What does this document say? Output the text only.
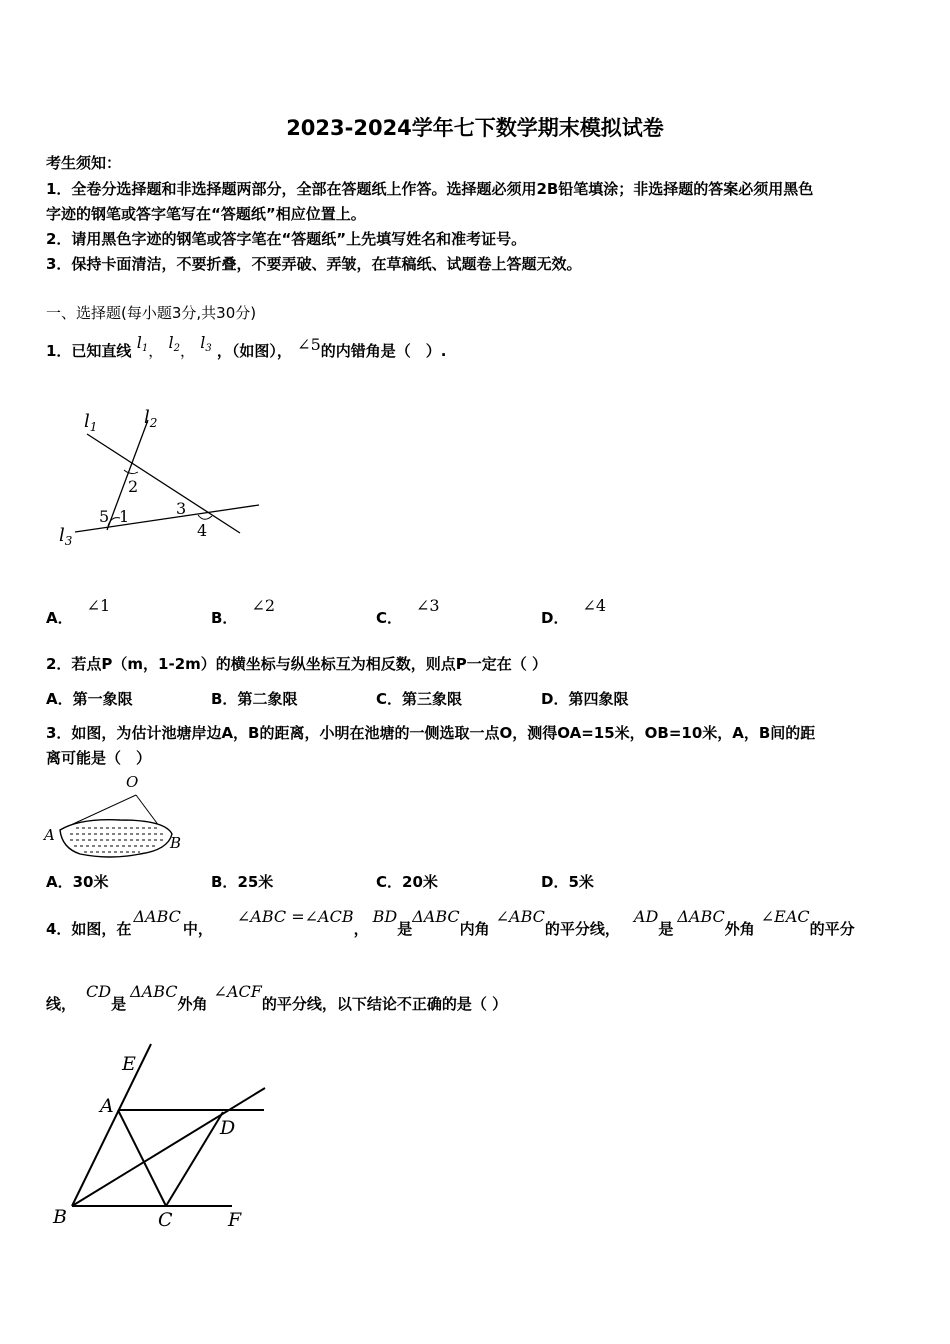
2023-2024学年七下数学期末模拟试卷
考生须知：
1．全卷分选择题和非选择题两部分，全部在答题纸上作答。选择题必须用2B铅笔填涂；非选择题的答案必须用黑色
字迹的钢笔或答字笔写在“答题纸”相应位置上。
2．请用黑色字迹的钢笔或答字笔在“答题纸”上先填写姓名和准考证号。
3．保持卡面清洁，不要折叠，不要弄破、弄皱，在草稿纸、试题卷上答题无效。
一、选择题(每小题3分,共30分)
1．已知直线 $l_1$， $l_2$， $l_3$ ，（如图）， ∠5的内错角是（　）.
$l_1$	$l_2$
$l_3$
2
5 1	3
4
A．∠1
B．∠2
C．∠3
D．∠4
2．若点P（m，1-2m）的横坐标与纵坐标互为相反数，则点P一定在（ ）
A．第一象限	B．第二象限	C．第三象限	D．第四象限
3．如图，为估计池塘岸边A，B的距离，小明在池塘的一侧选取一点O，测得OA=15米，OB=10米，A，B间的距
离可能是（　）
O
A	B
A．30米	B．25米	C．20米	D．5米
4．如图，在ΔABC中，∠ABC =∠ACB，BD是ΔABC内角∠ABC的平分线，AD是ΔABC外角∠EAC的平分
线，CD是ΔABC外角∠ACF的平分线，以下结论不正确的是（ ）
E
A
D
B	C	F
